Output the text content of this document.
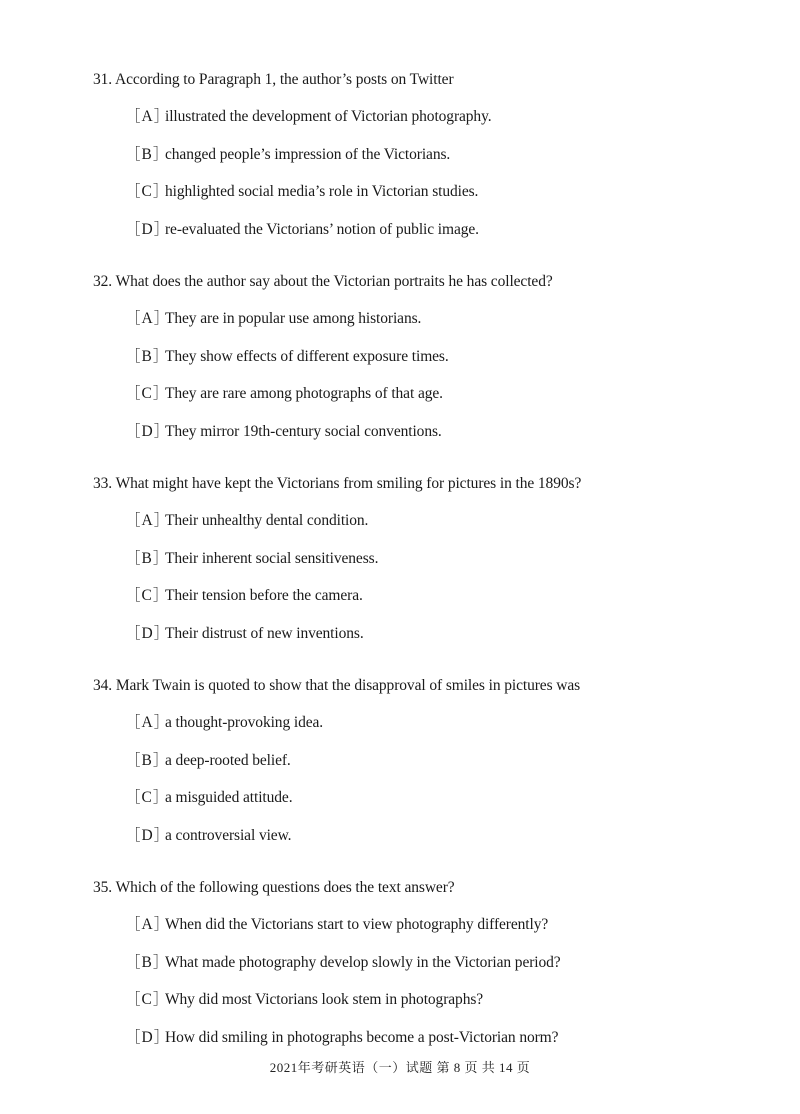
31. According to Paragraph 1, the author’s posts on Twitter

［A］
illustrated the development of Victorian photography.
［B］
changed people’s impression of the Victorians.
［C］
highlighted social media’s role in Victorian studies.
［D］
re-evaluated the Victorians’ notion of public image.

32. What does the author say about the Victorian portraits he has collected?

［A］
They are in popular use among historians.
［B］
They show effects of different exposure times.
［C］
They are rare among photographs of that age.
［D］
They mirror 19th-century social conventions.

33. What might have kept the Victorians from smiling for pictures in the 1890s?

［A］
Their unhealthy dental condition.
［B］
Their inherent social sensitiveness.
［C］
Their tension before the camera.
［D］
Their distrust of new inventions.

34. Mark Twain is quoted to show that the disapproval of smiles in pictures was

［A］
a thought-provoking idea.
［B］
a deep-rooted belief.
［C］
a misguided attitude.
［D］
a controversial view.

35. Which of the following questions does the text answer?

［A］
When did the Victorians start to view photography differently?
［B］
What made photography develop slowly in the Victorian period?
［C］
Why did most Victorians look stem in photographs?
［D］
How did smiling in photographs become a post-Victorian norm?
2021年考研英语（一）试题 第 8 页 共 14 页
